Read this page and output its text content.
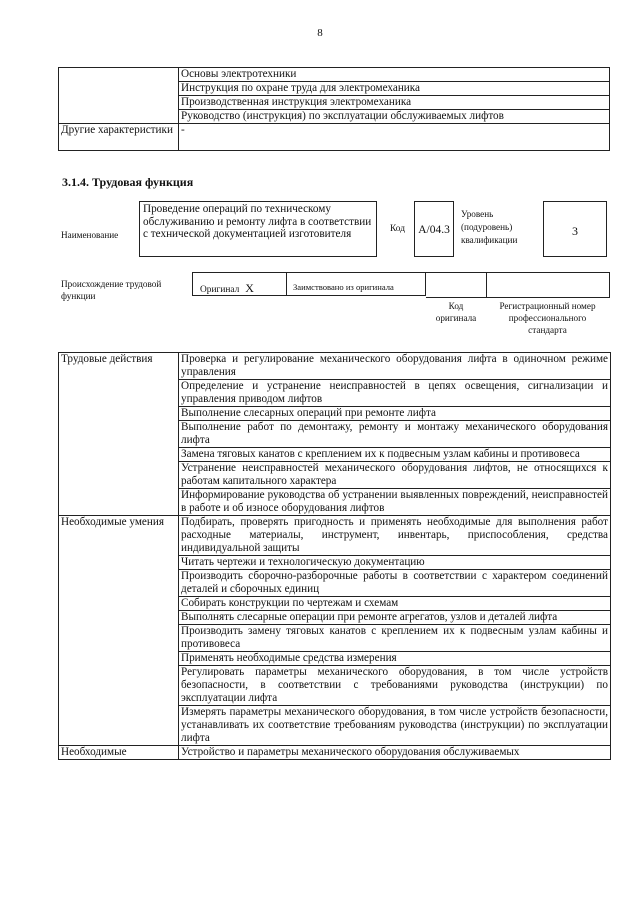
8
	Основы электротехники
	Инструкция по охране труда для электромеханика
	Производственная инструкция электромеханика
	Руководство (инструкция) по эксплуатации обслуживаемых лифтов
Другие характеристики	-
3.1.4. Трудовая функция
Наименование
Проведение операций по техническому обслуживанию и ремонту лифта в соответствии с технической документацией изготовителя	Код	A/04.3
Уровень
(подуровень)
квалификации
3
Происхождение трудовой
функции
Оригинал X	Заимствовано из оригинала
Код
оригинала
Регистрационный номер
профессионального
стандарта
Трудовые действия	Проверка и регулирование механического оборудования лифта в одиночном режиме управления
	Определение и устранение неисправностей в цепях освещения, сигнализации и управления приводом лифтов
	Выполнение слесарных операций при ремонте лифта
	Выполнение работ по демонтажу, ремонту и монтажу механического оборудования лифта
	Замена тяговых канатов с креплением их к подвесным узлам кабины и противовеса
	Устранение неисправностей механического оборудования лифтов, не относящихся к работам капитального характера
	Информирование руководства об устранении выявленных повреждений, неисправностей в работе и об износе оборудования лифтов
Необходимые умения	Подбирать, проверять пригодность и применять необходимые для выполнения работ расходные материалы, инструмент, инвентарь, приспособления, средства индивидуальной защиты
	Читать чертежи и технологическую документацию
	Производить сборочно-разборочные работы в соответствии с характером соединений деталей и сборочных единиц
	Собирать конструкции по чертежам и схемам
	Выполнять слесарные операции при ремонте агрегатов, узлов и деталей лифта
	Производить замену тяговых канатов с креплением их к подвесным узлам кабины и противовеса
	Применять необходимые средства измерения
	Регулировать параметры механического оборудования, в том числе устройств безопасности, в соответствии с требованиями руководства (инструкции) по эксплуатации лифта
	Измерять параметры механического оборудования, в том числе устройств безопасности, устанавливать их соответствие требованиям руководства (инструкции) по эксплуатации лифта
Необходимые	Устройство и параметры механического оборудования обслуживаемых
